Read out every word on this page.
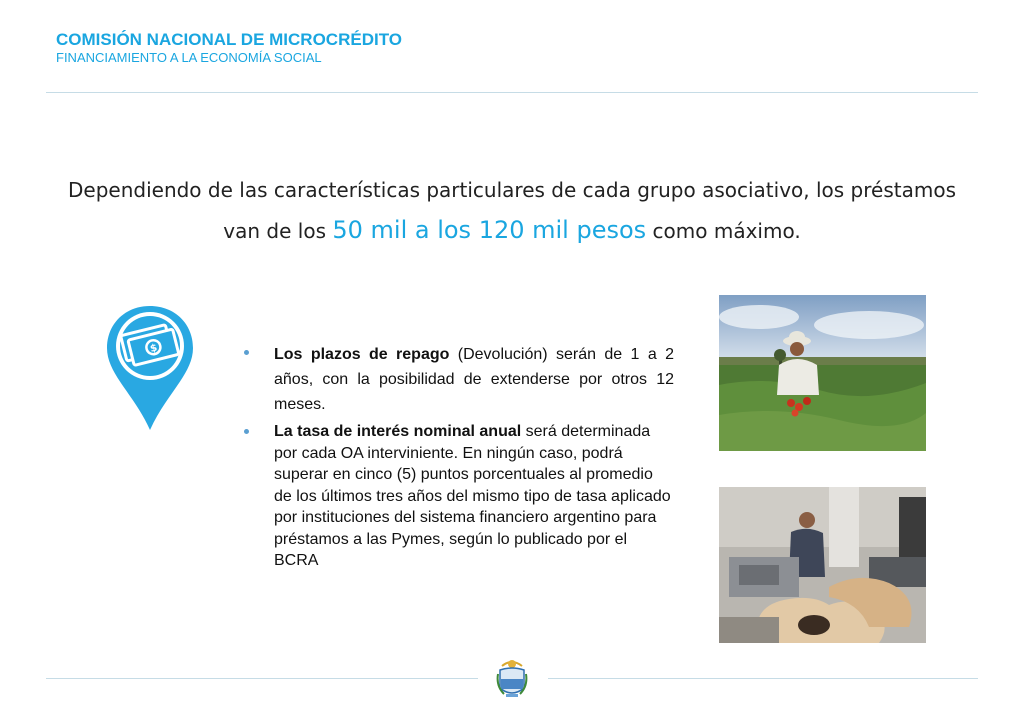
COMISIÓN NACIONAL DE MICROCRÉDITO
FINANCIAMIENTO A LA ECONOMÍA SOCIAL
Dependiendo de las características particulares de cada grupo asociativo, los préstamos van de los 50 mil a los 120 mil pesos como máximo.
$	Los plazos de repago (Devolución) serán de 1 a 2 años, con la posibilidad de extenderse por otros 12 meses.
La tasa de interés nominal anual será determinada por cada OA interviniente. En ningún caso, podrá superar en cinco (5) puntos porcentuales al promedio de los últimos tres años del mismo tipo de tasa aplicado por instituciones del sistema financiero argentino para préstamos a las Pymes, según lo publicado por el BCRA
